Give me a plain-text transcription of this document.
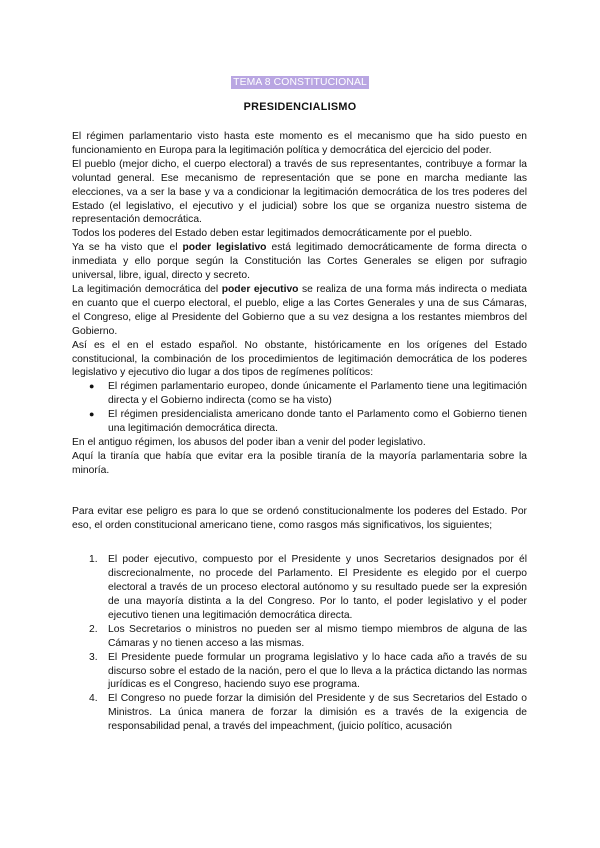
TEMA 8 CONSTITUCIONAL
PRESIDENCIALISMO

El régimen parlamentario visto hasta este momento es el mecanismo que ha sido puesto en funcionamiento en Europa para la legitimación política y democrática del ejercicio del poder.

El pueblo (mejor dicho, el cuerpo electoral) a través de sus representantes, contribuye a formar la voluntad general. Ese mecanismo de representación que se pone en marcha mediante las elecciones, va a ser la base y va a condicionar la legitimación democrática de los tres poderes del Estado (el legislativo, el ejecutivo y el judicial) sobre los que se organiza nuestro sistema de representación democrática.

Todos los poderes del Estado deben estar legitimados democráticamente por el pueblo.

Ya se ha visto que el poder legislativo está legitimado democráticamente de forma directa o inmediata y ello porque según la Constitución las Cortes Generales se eligen por sufragio universal, libre, igual, directo y secreto.

La legitimación democrática del poder ejecutivo se realiza de una forma más indirecta o mediata en cuanto que el cuerpo electoral, el pueblo, elige a las Cortes Generales y una de sus Cámaras, el Congreso, elige al Presidente del Gobierno que a su vez designa a los restantes miembros del Gobierno.

Así es el en el estado español. No obstante, históricamente en los orígenes del Estado constitucional, la combinación de los procedimientos de legitimación democrática de los poderes legislativo y ejecutivo dio lugar a dos tipos de regímenes políticos:

● El régimen parlamentario europeo, donde únicamente el Parlamento tiene una legitimación directa y el Gobierno indirecta (como se ha visto)
● El régimen presidencialista americano donde tanto el Parlamento como el Gobierno tienen una legitimación democrática directa.

En el antiguo régimen, los abusos del poder iban a venir del poder legislativo.

Aquí la tiranía que había que evitar era la posible tiranía de la mayoría parlamentaria sobre la minoría.

Para evitar ese peligro es para lo que se ordenó constitucionalmente los poderes del Estado. Por eso, el orden constitucional americano tiene, como rasgos más significativos, los siguientes;

1. El poder ejecutivo, compuesto por el Presidente y unos Secretarios designados por él discrecionalmente, no procede del Parlamento. El Presidente es elegido por el cuerpo electoral a través de un proceso electoral autónomo y su resultado puede ser la expresión de una mayoría distinta a la del Congreso. Por lo tanto, el poder legislativo y el poder ejecutivo tienen una legitimación democrática directa.
2. Los Secretarios o ministros no pueden ser al mismo tiempo miembros de alguna de las Cámaras y no tienen acceso a las mismas.
3. El Presidente puede formular un programa legislativo y lo hace cada año a través de su discurso sobre el estado de la nación, pero el que lo lleva a la práctica dictando las normas jurídicas es el Congreso, haciendo suyo ese programa.
4. El Congreso no puede forzar la dimisión del Presidente y de sus Secretarios del Estado o Ministros. La única manera de forzar la dimisión es a través de la exigencia de responsabilidad penal, a través del impeachment, (juicio político, acusación
